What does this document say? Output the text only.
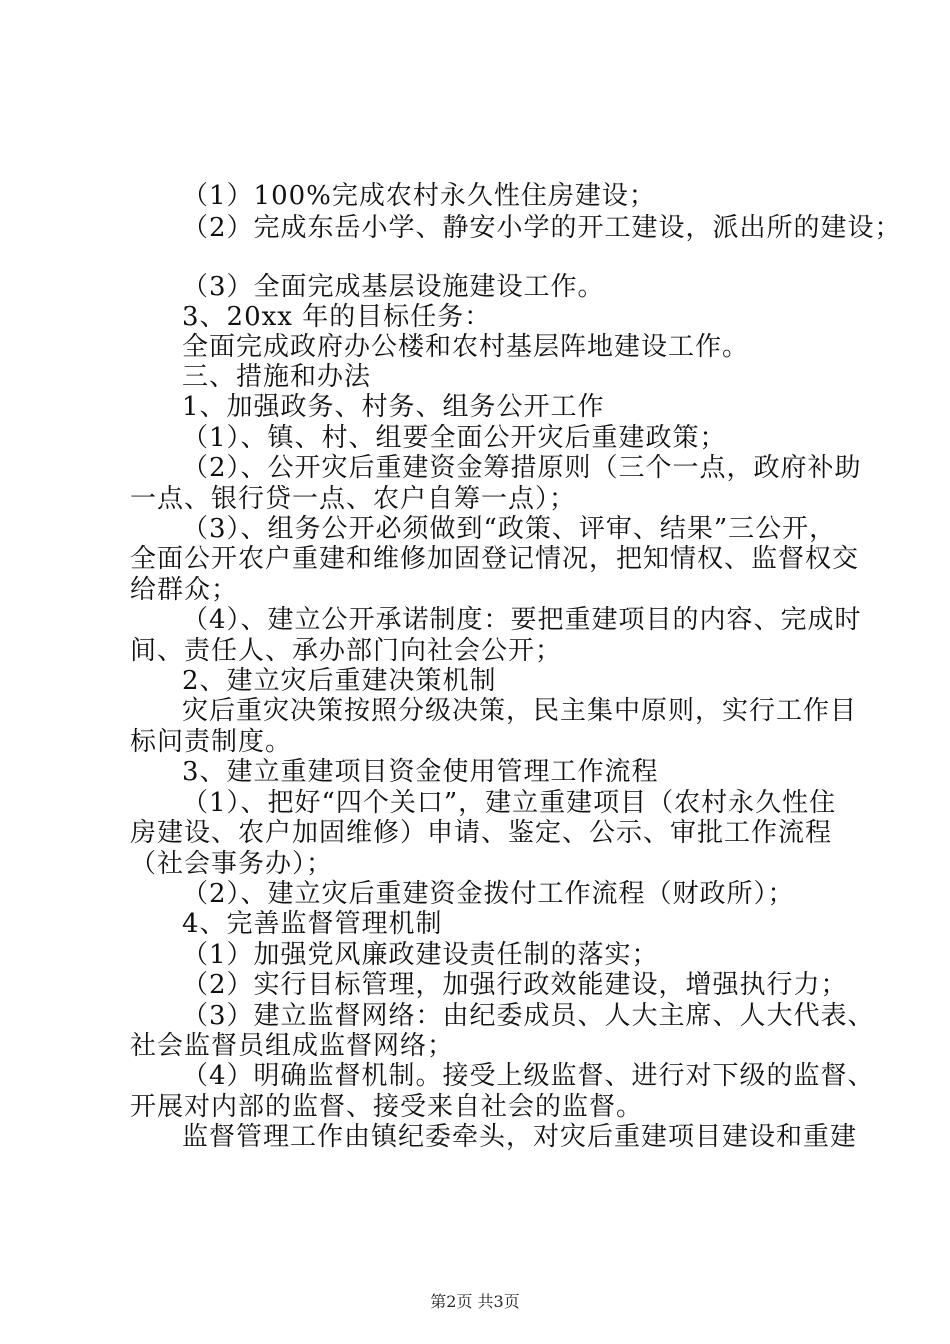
（1）100%完成农村永久性住房建设；
（2）完成东岳小学、静安小学的开工建设，派出所的建设；
（3）全面完成基层设施建设工作。
3、20xx 年的目标任务：
全面完成政府办公楼和农村基层阵地建设工作。
三、措施和办法
1、加强政务、村务、组务公开工作
（1）、镇、村、组要全面公开灾后重建政策；
（2）、公开灾后重建资金筹措原则（三个一点，政府补助
一点、银行贷一点、农户自筹一点）；
（3）、组务公开必须做到“政策、评审、结果”三公开，
全面公开农户重建和维修加固登记情况，把知情权、监督权交
给群众；
（4）、建立公开承诺制度：要把重建项目的内容、完成时
间、责任人、承办部门向社会公开；
2、建立灾后重建决策机制
灾后重灾决策按照分级决策，民主集中原则，实行工作目
标问责制度。
3、建立重建项目资金使用管理工作流程
（1）、把好“四个关口”，建立重建项目（农村永久性住
房建设、农户加固维修）申请、鉴定、公示、审批工作流程
（社会事务办）；
（2）、建立灾后重建资金拨付工作流程（财政所）；
4、完善监督管理机制
（1）加强党风廉政建设责任制的落实；
（2）实行目标管理，加强行政效能建设，增强执行力；
（3）建立监督网络：由纪委成员、人大主席、人大代表、
社会监督员组成监督网络；
（4）明确监督机制。接受上级监督、进行对下级的监督、
开展对内部的监督、接受来自社会的监督。
监督管理工作由镇纪委牵头，对灾后重建项目建设和重建
第2页 共3页
